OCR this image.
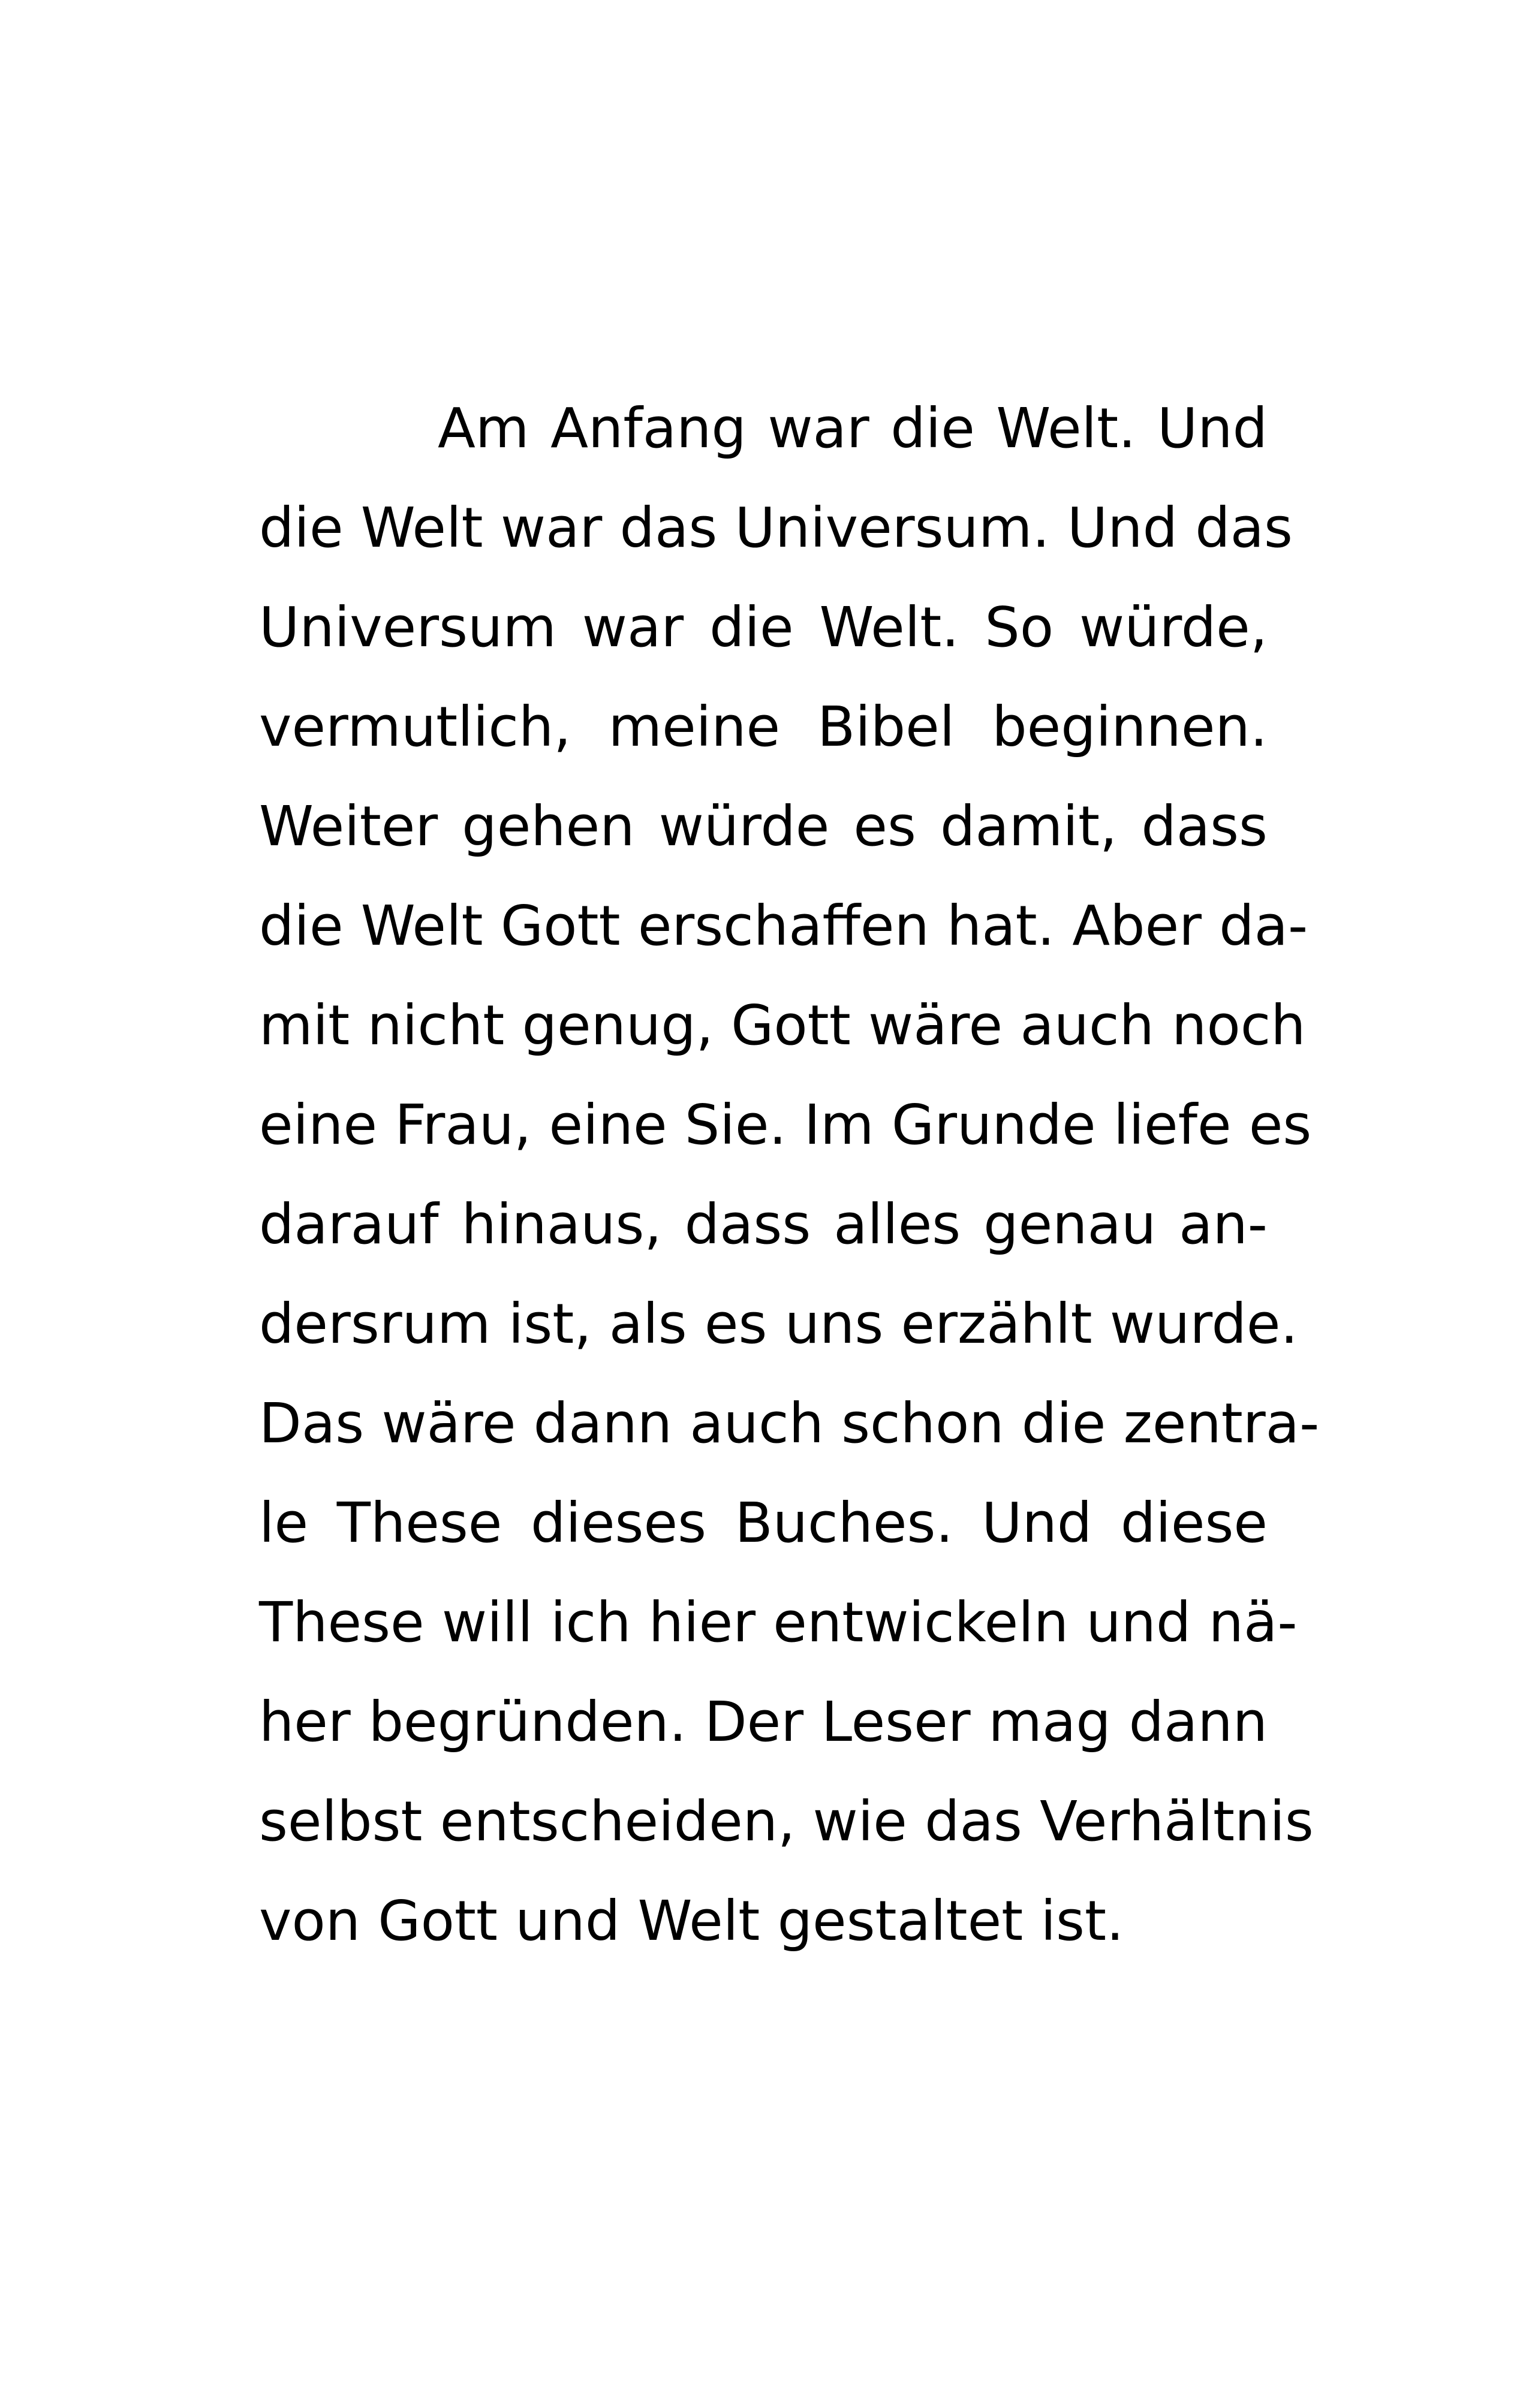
Am Anfang war die Welt. Und
die Welt war das Universum. Und das
Universum war die Welt. So würde,
vermutlich, meine Bibel beginnen.
Weiter gehen würde es damit, dass
die Welt Gott erschaffen hat. Aber da-
mit nicht genug, Gott wäre auch noch
eine Frau, eine Sie. Im Grunde liefe es
darauf hinaus, dass alles genau an-
dersrum ist, als es uns erzählt wurde.
Das wäre dann auch schon die zentra-
le These dieses Buches. Und diese
These will ich hier entwickeln und nä-
her begründen. Der Leser mag dann
selbst entscheiden, wie das Verhältnis
von Gott und Welt gestaltet ist.
